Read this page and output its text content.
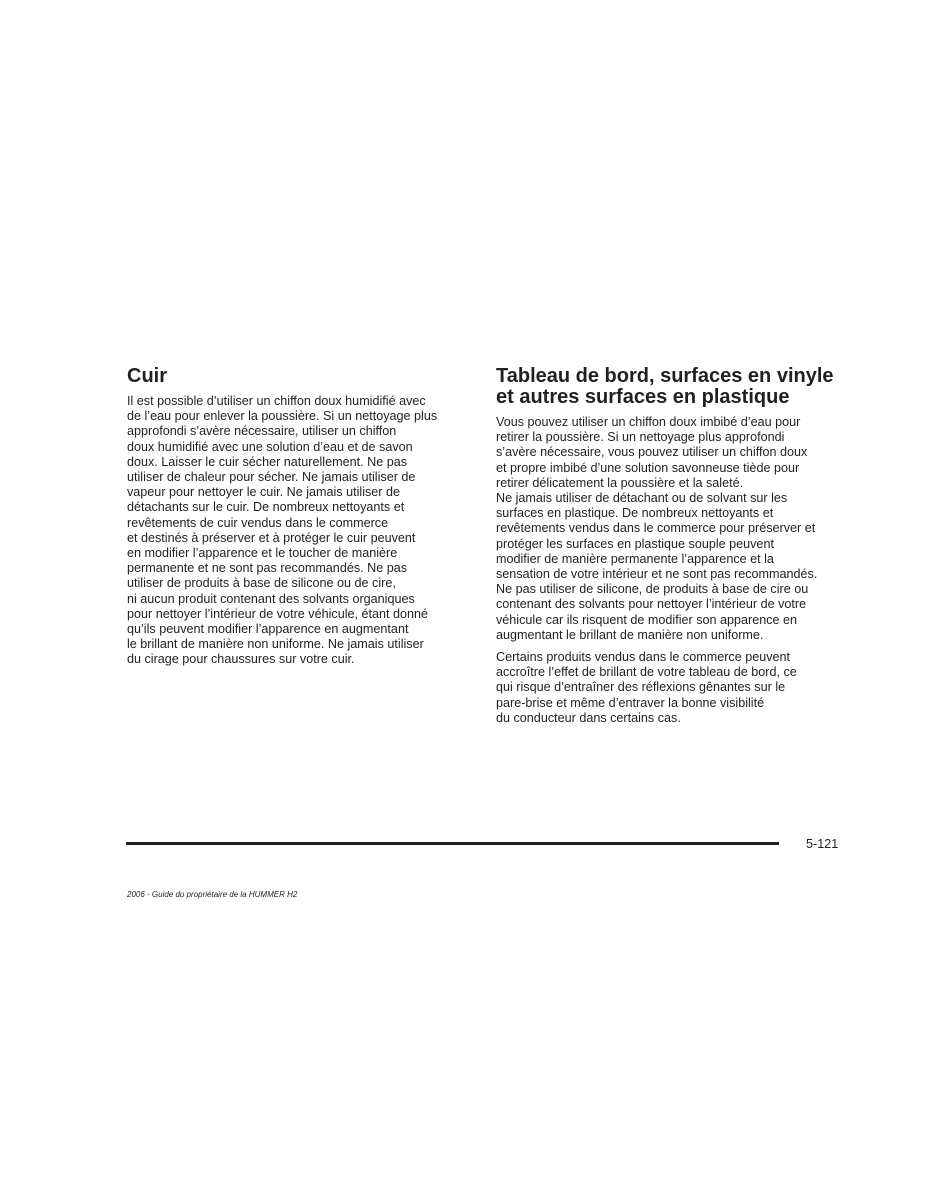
Cuir
Il est possible d’utiliser un chiffon doux humidifié avec
de l’eau pour enlever la poussière. Si un nettoyage plus
approfondi s’avère nécessaire, utiliser un chiffon
doux humidifié avec une solution d’eau et de savon
doux. Laisser le cuir sécher naturellement. Ne pas
utiliser de chaleur pour sécher. Ne jamais utiliser de
vapeur pour nettoyer le cuir. Ne jamais utiliser de
détachants sur le cuir. De nombreux nettoyants et
revêtements de cuir vendus dans le commerce
et destinés à préserver et à protéger le cuir peuvent
en modifier l’apparence et le toucher de manière
permanente et ne sont pas recommandés. Ne pas
utiliser de produits à base de silicone ou de cire,
ni aucun produit contenant des solvants organiques
pour nettoyer l’intérieur de votre véhicule, étant donné
qu’ils peuvent modifier l’apparence en augmentant
le brillant de manière non uniforme. Ne jamais utiliser
du cirage pour chaussures sur votre cuir.
Tableau de bord, surfaces en vinyle
et autres surfaces en plastique
Vous pouvez utiliser un chiffon doux imbibé d’eau pour
retirer la poussière. Si un nettoyage plus approfondi
s’avère nécessaire, vous pouvez utiliser un chiffon doux
et propre imbibé d’une solution savonneuse tiède pour
retirer délicatement la poussière et la saleté.
Ne jamais utiliser de détachant ou de solvant sur les
surfaces en plastique. De nombreux nettoyants et
revêtements vendus dans le commerce pour préserver et
protéger les surfaces en plastique souple peuvent
modifier de manière permanente l’apparence et la
sensation de votre intérieur et ne sont pas recommandés.
Ne pas utiliser de silicone, de produits à base de cire ou
contenant des solvants pour nettoyer l’intérieur de votre
véhicule car ils risquent de modifier son apparence en
augmentant le brillant de manière non uniforme.
Certains produits vendus dans le commerce peuvent
accroître l’effet de brillant de votre tableau de bord, ce
qui risque d’entraîner des réflexions gênantes sur le
pare-brise et même d’entraver la bonne visibilité
du conducteur dans certains cas.
5-121
2006 - Guide du propriétaire de la HUMMER H2
